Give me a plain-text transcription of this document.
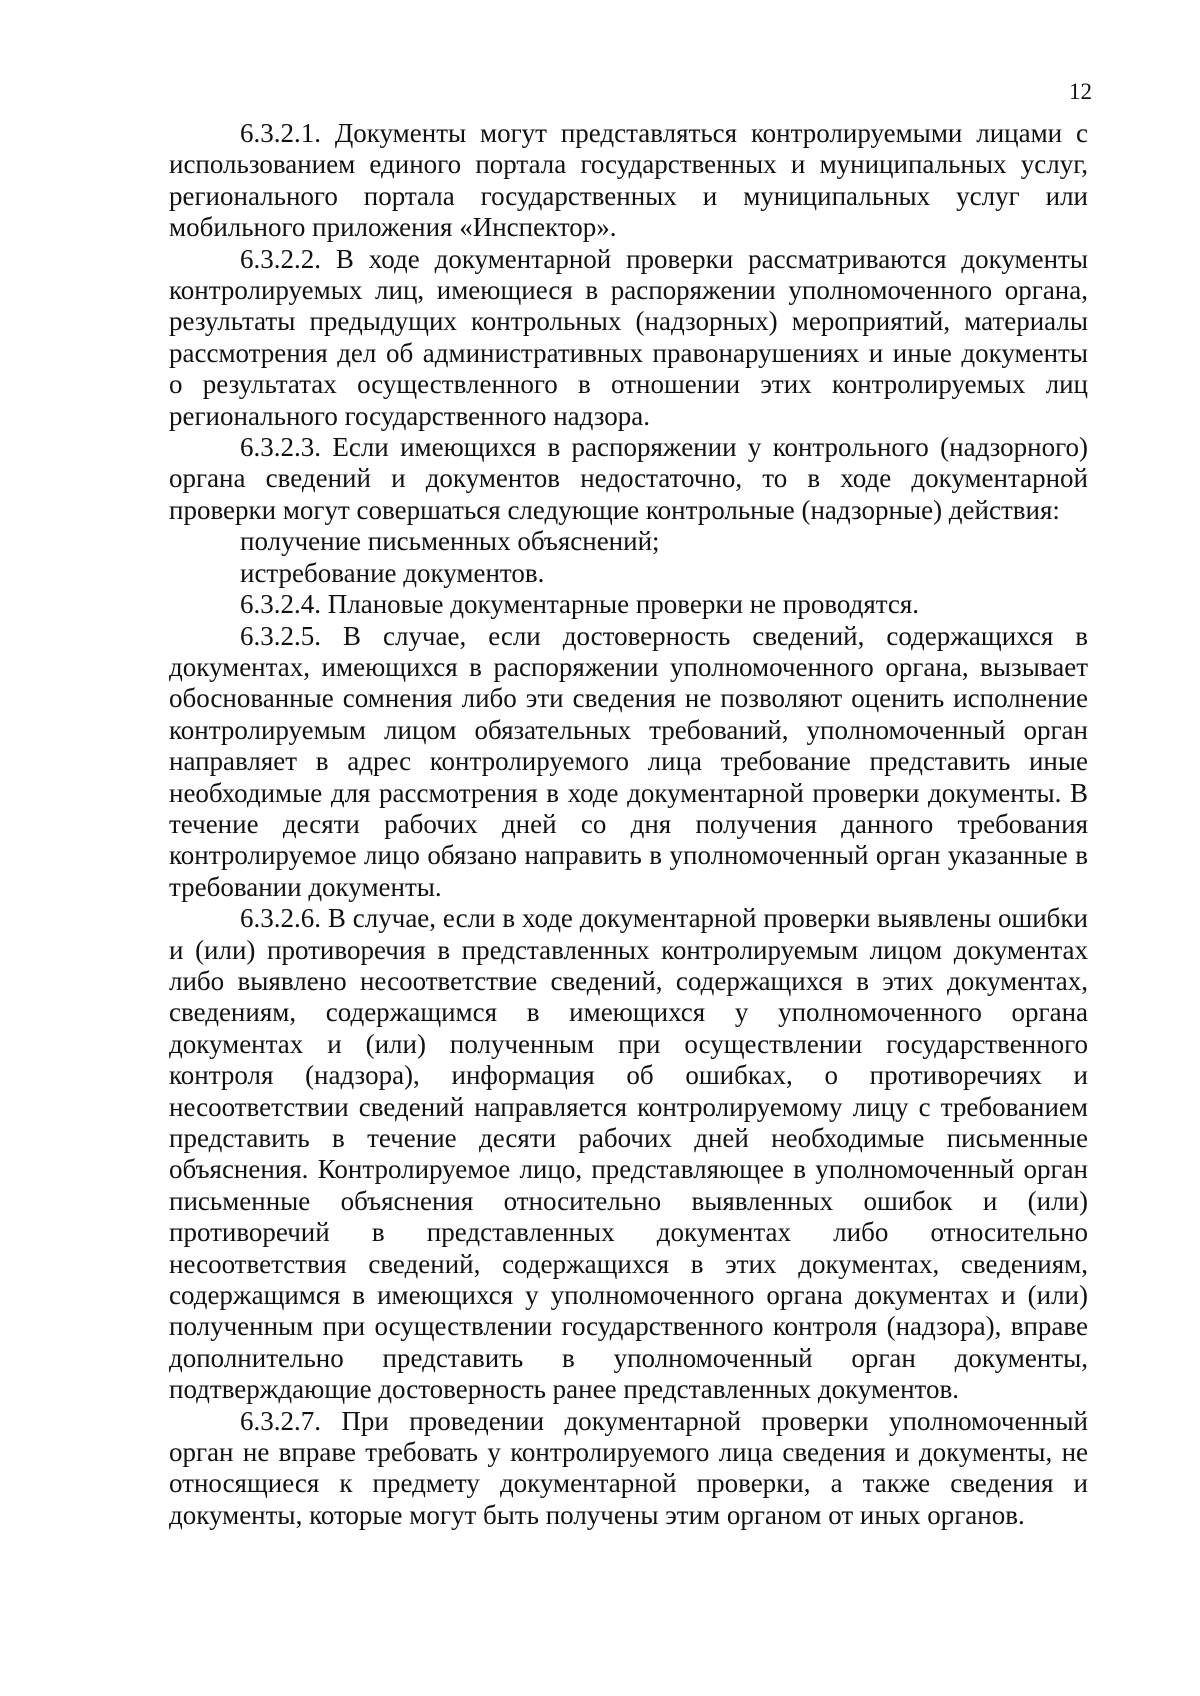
12

6.3.2.1. Документы могут представляться контролируемыми лицами с использованием единого портала государственных и муниципальных услуг, регионального портала государственных и муниципальных услуг или мобильного приложения «Инспектор».

6.3.2.2. В ходе документарной проверки рассматриваются документы контролируемых лиц, имеющиеся в распоряжении уполномоченного органа, результаты предыдущих контрольных (надзорных) мероприятий, материалы рассмотрения дел об административных правонарушениях и иные документы о результатах осуществленного в отношении этих контролируемых лиц регионального государственного надзора.

6.3.2.3. Если имеющихся в распоряжении у контрольного (надзорного) органа сведений и документов недостаточно, то в ходе документарной проверки могут совершаться следующие контрольные (надзорные) действия:

получение письменных объяснений;

истребование документов.

6.3.2.4. Плановые документарные проверки не проводятся.

6.3.2.5. В случае, если достоверность сведений, содержащихся в документах, имеющихся в распоряжении уполномоченного органа, вызывает обоснованные сомнения либо эти сведения не позволяют оценить исполнение контролируемым лицом обязательных требований, уполномоченный орган направляет в адрес контролируемого лица требование представить иные необходимые для рассмотрения в ходе документарной проверки документы. В течение десяти рабочих дней со дня получения данного требования контролируемое лицо обязано направить в уполномоченный орган указанные в требовании документы.

6.3.2.6. В случае, если в ходе документарной проверки выявлены ошибки и (или) противоречия в представленных контролируемым лицом документах либо выявлено несоответствие сведений, содержащихся в этих документах, сведениям, содержащимся в имеющихся у уполномоченного органа документах и (или) полученным при осуществлении государственного контроля (надзора), информация об ошибках, о противоречиях и несоответствии сведений направляется контролируемому лицу с требованием представить в течение десяти рабочих дней необходимые письменные объяснения. Контролируемое лицо, представляющее в уполномоченный орган письменные объяснения относительно выявленных ошибок и (или) противоречий в представленных документах либо относительно несоответствия сведений, содержащихся в этих документах, сведениям, содержащимся в имеющихся у уполномоченного органа документах и (или) полученным при осуществлении государственного контроля (надзора), вправе дополнительно представить в уполномоченный орган документы, подтверждающие достоверность ранее представленных документов.

6.3.2.7. При проведении документарной проверки уполномоченный орган не вправе требовать у контролируемого лица сведения и документы, не относящиеся к предмету документарной проверки, а также сведения и документы, которые могут быть получены этим органом от иных органов.
